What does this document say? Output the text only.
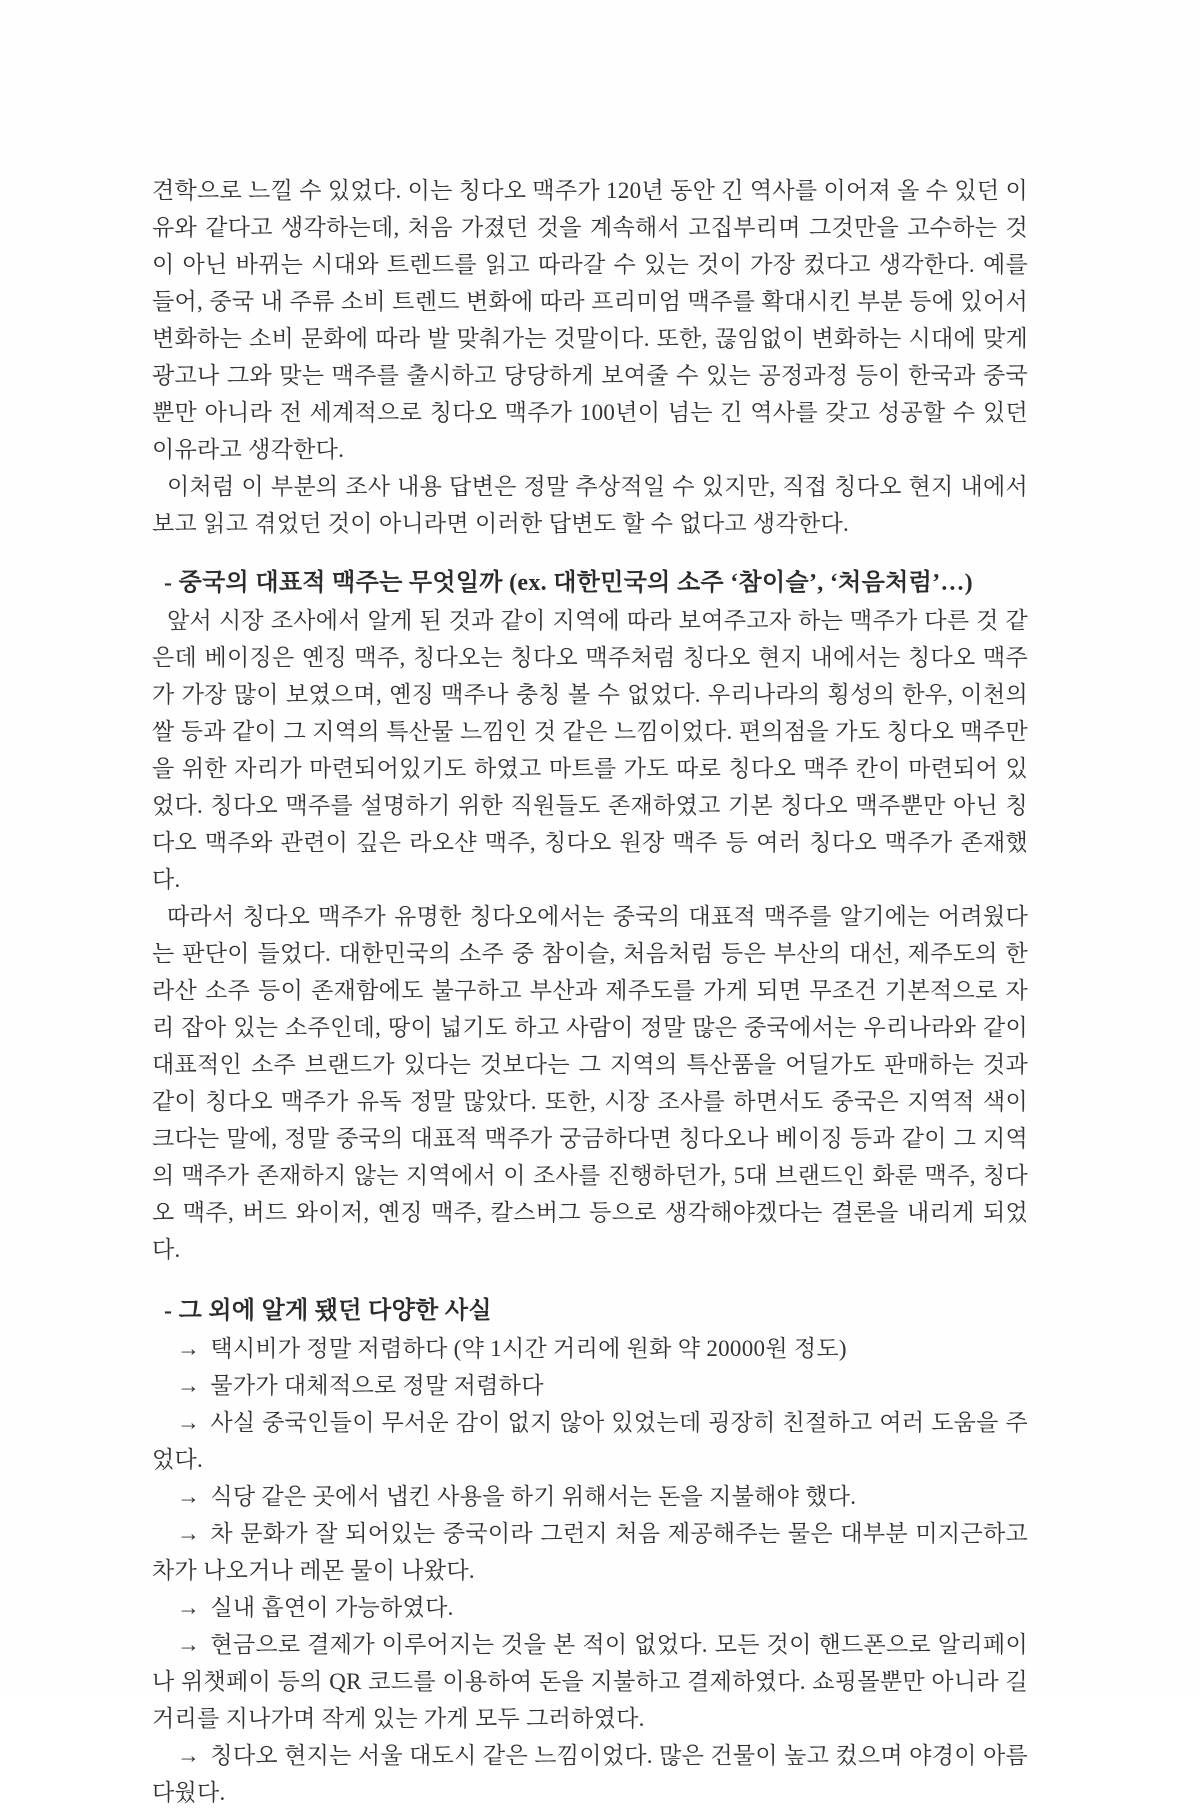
견학으로 느낄 수 있었다. 이는 칭다오 맥주가 120년 동안 긴 역사를 이어져 올 수 있던 이유와 같다고 생각하는데, 처음 가졌던 것을 계속해서 고집부리며 그것만을 고수하는 것이 아닌 바뀌는 시대와 트렌드를 읽고 따라갈 수 있는 것이 가장 컸다고 생각한다. 예를 들어, 중국 내 주류 소비 트렌드 변화에 따라 프리미엄 맥주를 확대시킨 부분 등에 있어서 변화하는 소비 문화에 따라 발 맞춰가는 것말이다. 또한, 끊임없이 변화하는 시대에 맞게 광고나 그와 맞는 맥주를 출시하고 당당하게 보여줄 수 있는 공정과정 등이 한국과 중국뿐만 아니라 전 세계적으로 칭다오 맥주가 100년이 넘는 긴 역사를 갖고 성공할 수 있던 이유라고 생각한다.

이처럼 이 부분의 조사 내용 답변은 정말 추상적일 수 있지만, 직접 칭다오 현지 내에서 보고 읽고 겪었던 것이 아니라면 이러한 답변도 할 수 없다고 생각한다.

- 중국의 대표적 맥주는 무엇일까 (ex. 대한민국의 소주 ‘참이슬’, ‘처음처럼’…)

앞서 시장 조사에서 알게 된 것과 같이 지역에 따라 보여주고자 하는 맥주가 다른 것 같은데 베이징은 옌징 맥주, 칭다오는 칭다오 맥주처럼 칭다오 현지 내에서는 칭다오 맥주가 가장 많이 보였으며, 옌징 맥주나 충칭 볼 수 없었다. 우리나라의 횡성의 한우, 이천의 쌀 등과 같이 그 지역의 특산물 느낌인 것 같은 느낌이었다. 편의점을 가도 칭다오 맥주만을 위한 자리가 마련되어있기도 하였고 마트를 가도 따로 칭다오 맥주 칸이 마련되어 있었다. 칭다오 맥주를 설명하기 위한 직원들도 존재하였고 기본 칭다오 맥주뿐만 아닌 칭다오 맥주와 관련이 깊은 라오샨 맥주, 칭다오 원장 맥주 등 여러 칭다오 맥주가 존재했다.

따라서 칭다오 맥주가 유명한 칭다오에서는 중국의 대표적 맥주를 알기에는 어려웠다는 판단이 들었다. 대한민국의 소주 중 참이슬, 처음처럼 등은 부산의 대선, 제주도의 한라산 소주 등이 존재함에도 불구하고 부산과 제주도를 가게 되면 무조건 기본적으로 자리 잡아 있는 소주인데, 땅이 넓기도 하고 사람이 정말 많은 중국에서는 우리나라와 같이 대표적인 소주 브랜드가 있다는 것보다는 그 지역의 특산품을 어딜가도 판매하는 것과 같이 칭다오 맥주가 유독 정말 많았다. 또한, 시장 조사를 하면서도 중국은 지역적 색이 크다는 말에, 정말 중국의 대표적 맥주가 궁금하다면 칭다오나 베이징 등과 같이 그 지역의 맥주가 존재하지 않는 지역에서 이 조사를 진행하던가, 5대 브랜드인 화룬 맥주, 칭다오 맥주, 버드 와이저, 옌징 맥주, 칼스버그 등으로 생각해야겠다는 결론을 내리게 되었다.

- 그 외에 알게 됐던 다양한 사실
→ 택시비가 정말 저렴하다 (약 1시간 거리에 원화 약 20000원 정도)
→ 물가가 대체적으로 정말 저렴하다
→ 사실 중국인들이 무서운 감이 없지 않아 있었는데 굉장히 친절하고 여러 도움을 주었다.
→ 식당 같은 곳에서 냅킨 사용을 하기 위해서는 돈을 지불해야 했다.
→ 차 문화가 잘 되어있는 중국이라 그런지 처음 제공해주는 물은 대부분 미지근하고 차가 나오거나 레몬 물이 나왔다.
→ 실내 흡연이 가능하였다.
→ 현금으로 결제가 이루어지는 것을 본 적이 없었다. 모든 것이 핸드폰으로 알리페이나 위챗페이 등의 QR 코드를 이용하여 돈을 지불하고 결제하였다. 쇼핑몰뿐만 아니라 길거리를 지나가며 작게 있는 가게 모두 그러하였다.
→ 칭다오 현지는 서울 대도시 같은 느낌이었다. 많은 건물이 높고 컸으며 야경이 아름다웠다.
